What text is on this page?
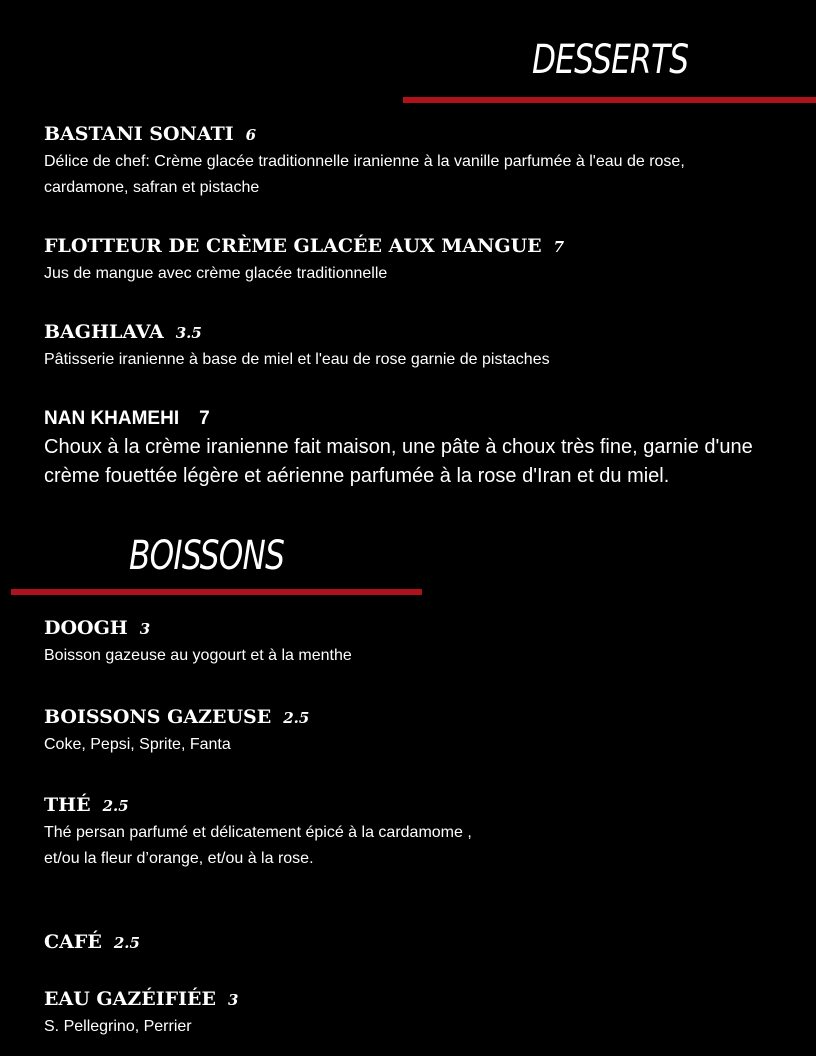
DESSERTS
BASTANI SONATI 6
Délice de chef: Crème glacée traditionnelle iranienne à la vanille parfumée à l'eau de rose, cardamone, safran et pistache
FLOTTEUR DE CRÈME GLACÉE AUX MANGUE 7
Jus de mangue avec crème glacée traditionnelle
BAGHLAVA 3.5
Pâtisserie iranienne à base de miel et l'eau de rose garnie de pistaches
NAN KHAMEHI 7
Choux à la crème iranienne fait maison, une pâte à choux très fine, garnie d'une crème fouettée légère et aérienne parfumée à la rose d'Iran et du miel.
BOISSONS
DOOGH 3
Boisson gazeuse au yogourt et à la menthe
BOISSONS GAZEUSE 2.5
Coke, Pepsi, Sprite, Fanta
THÉ 2.5
Thé persan parfumé et délicatement épicé à la cardamome , et/ou la fleur d’orange, et/ou à la rose.
CAFÉ 2.5
EAU GAZÉIFIÉE 3
S. Pellegrino, Perrier
